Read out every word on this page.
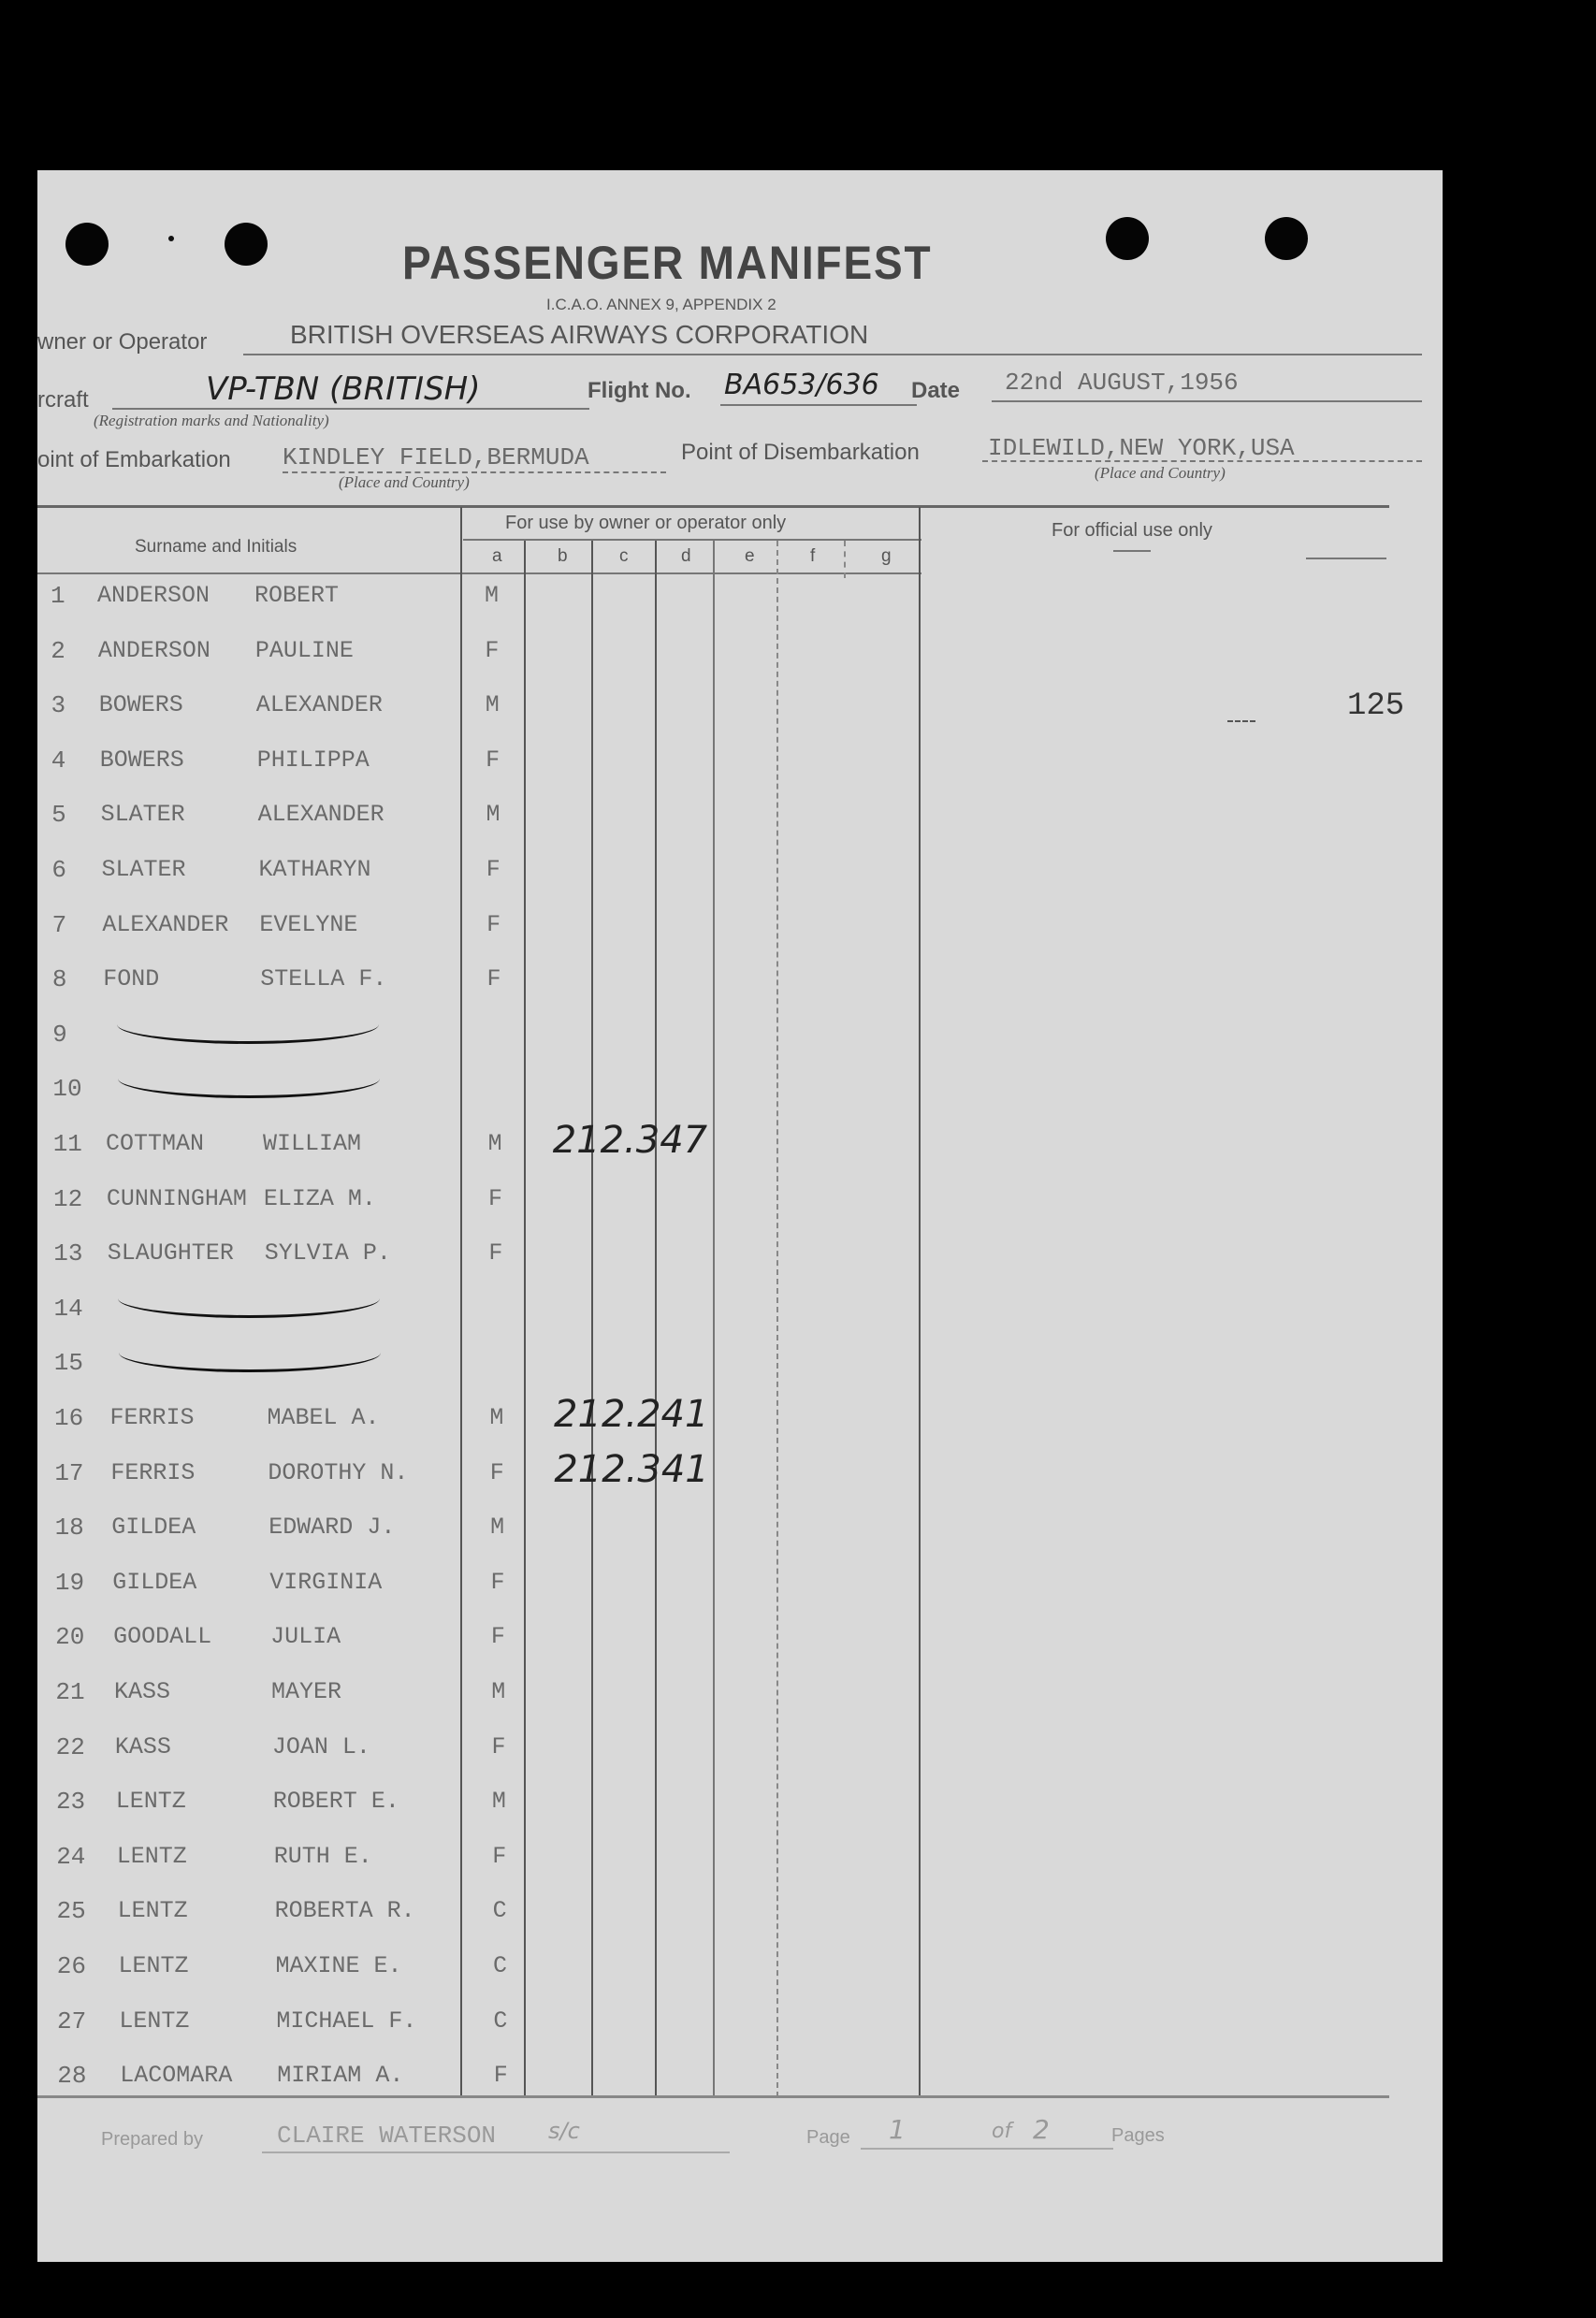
PASSENGER MANIFEST
I.C.A.O. ANNEX 9, APPENDIX 2
wner or Operator	BRITISH OVERSEAS AIRWAYS CORPORATION
rcraft	VP-TBN (BRITISH)
(Registration marks and Nationality)
Flight No. BA653/636 Date 22nd AUGUST,1956
oint of Embarkation KINDLEY FIELD,BERMUDA
(Place and Country)
Point of Disembarkation	IDLEWILD,NEW YORK,USA
(Place and Country)
Surname and Initials
For use by owner or operator only	For official use only
a	b	c	d	e	f	g
125
1 ANDERSON ROBERT	M
2 ANDERSON PAULINE	F
3 BOWERS	ALEXANDER	M
4 BOWERS	PHILIPPA	F
5 SLATER	ALEXANDER	M
6 SLATER	KATHARYN	F
7 ALEXANDER EVELYNE	F
8 FOND	STELLA F.	F
9
10
11 COTTMAN	WILLIAM	M 212.347
12 CUNNINGHAM ELIZA M.	F
13 SLAUGHTER SYLVIA P.	F
14
15
16 FERRIS	MABEL A.	M 212.241
17 FERRIS	DOROTHY N.	F 212.341
18 GILDEA	EDWARD J.	M
19 GILDEA	VIRGINIA	F
20 GOODALL	JULIA	F
21 KASS	MAYER	M
22 KASS	JOAN L.	F
23 LENTZ	ROBERT E.	M
24 LENTZ	RUTH E.	F
25 LENTZ	ROBERTA R.	C
26 LENTZ	MAXINE E.	C
27 LENTZ	MICHAEL F.	C
28 LACOMARA MIRIAM A.	F
Prepared by	CLAIRE WATERSON s/c	Page 1	of 2	Pages
